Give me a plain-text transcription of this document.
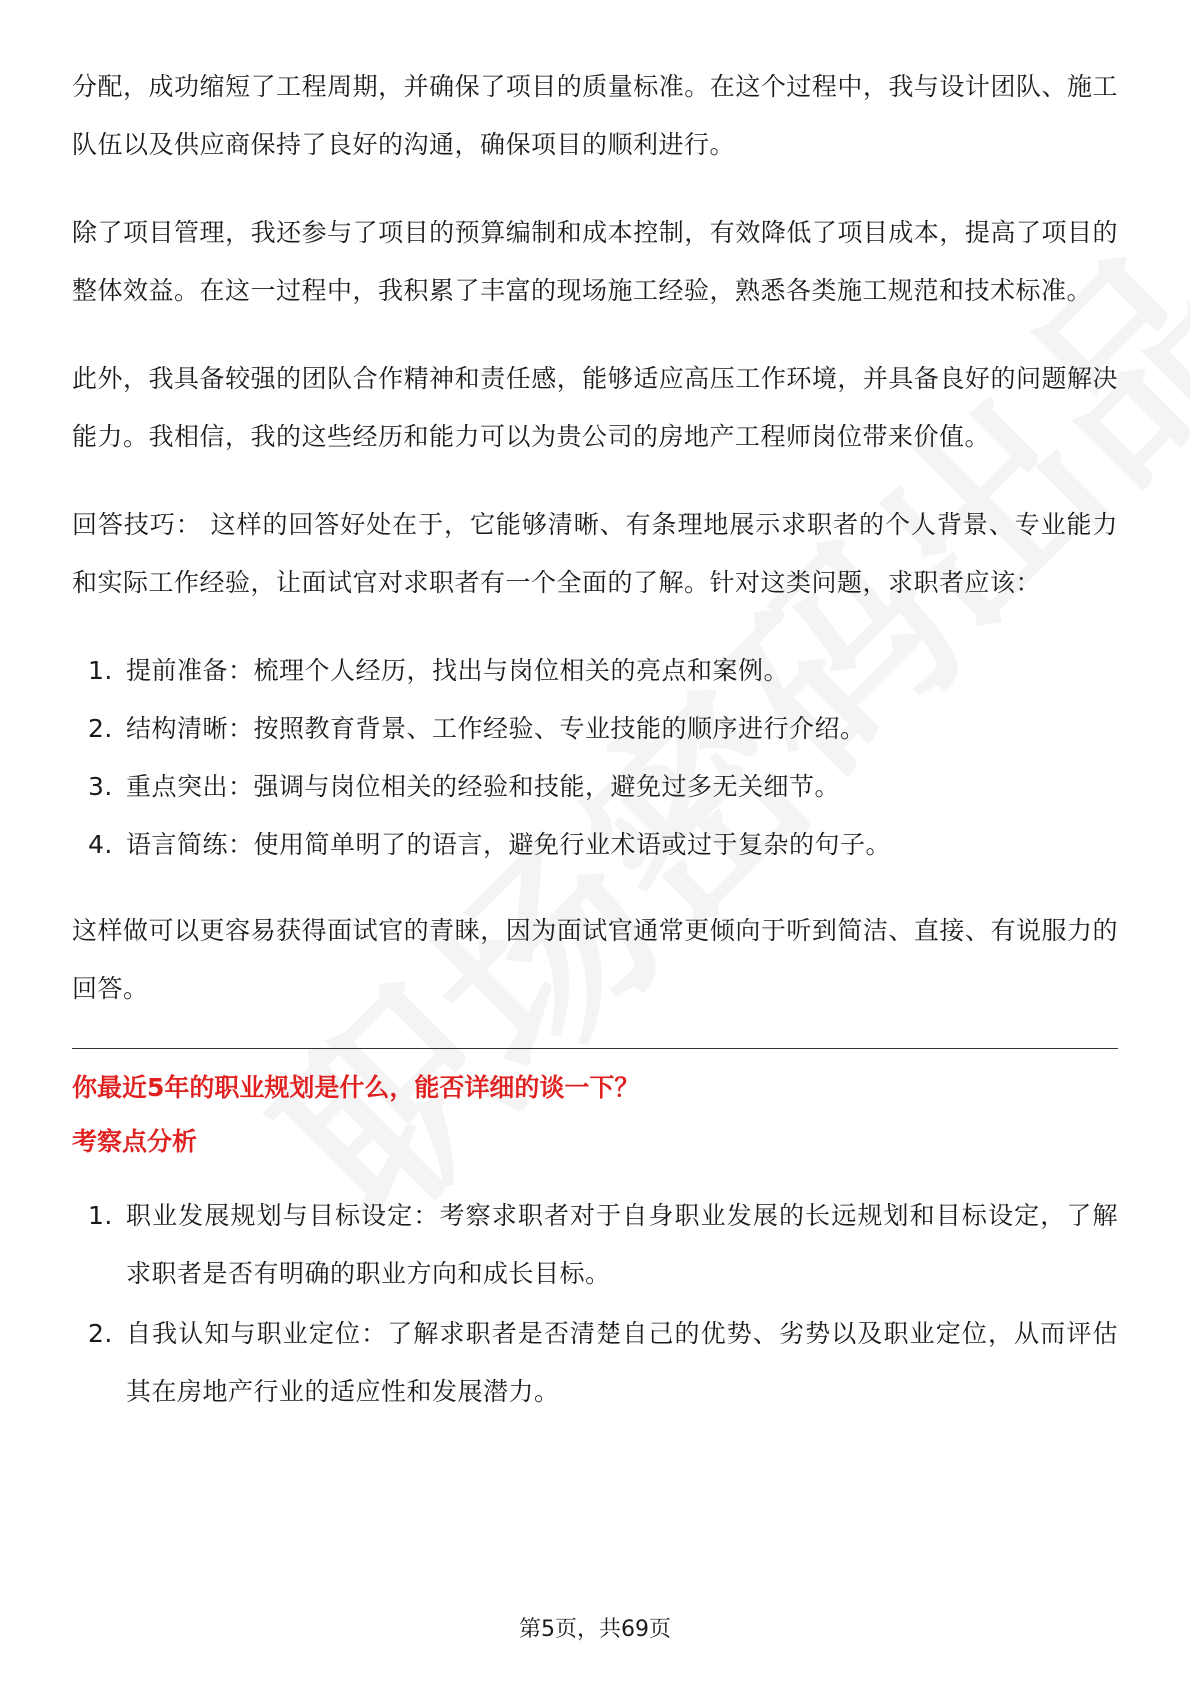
分配，成功缩短了工程周期，并确保了项目的质量标准。在这个过程中，我与设计团队、施工队伍以及供应商保持了良好的沟通，确保项目的顺利进行。

除了项目管理，我还参与了项目的预算编制和成本控制，有效降低了项目成本，提高了项目的整体效益。在这一过程中，我积累了丰富的现场施工经验，熟悉各类施工规范和技术标准。

此外，我具备较强的团队合作精神和责任感，能够适应高压工作环境，并具备良好的问题解决能力。我相信，我的这些经历和能力可以为贵公司的房地产工程师岗位带来价值。

回答技巧： 这样的回答好处在于，它能够清晰、有条理地展示求职者的个人背景、专业能力和实际工作经验，让面试官对求职者有一个全面的了解。针对这类问题，求职者应该：

1. 提前准备：梳理个人经历，找出与岗位相关的亮点和案例。
2. 结构清晰：按照教育背景、工作经验、专业技能的顺序进行介绍。
3. 重点突出：强调与岗位相关的经验和技能，避免过多无关细节。
4. 语言简练：使用简单明了的语言，避免行业术语或过于复杂的句子。

这样做可以更容易获得面试官的青睐，因为面试官通常更倾向于听到简洁、直接、有说服力的回答。

你最近5年的职业规划是什么，能否详细的谈一下？

考察点分析

1. 职业发展规划与目标设定：考察求职者对于自身职业发展的长远规划和目标设定，了解求职者是否有明确的职业方向和成长目标。
2. 自我认知与职业定位：了解求职者是否清楚自己的优势、劣势以及职业定位，从而评估其在房地产行业的适应性和发展潜力。
第5页，共69页
